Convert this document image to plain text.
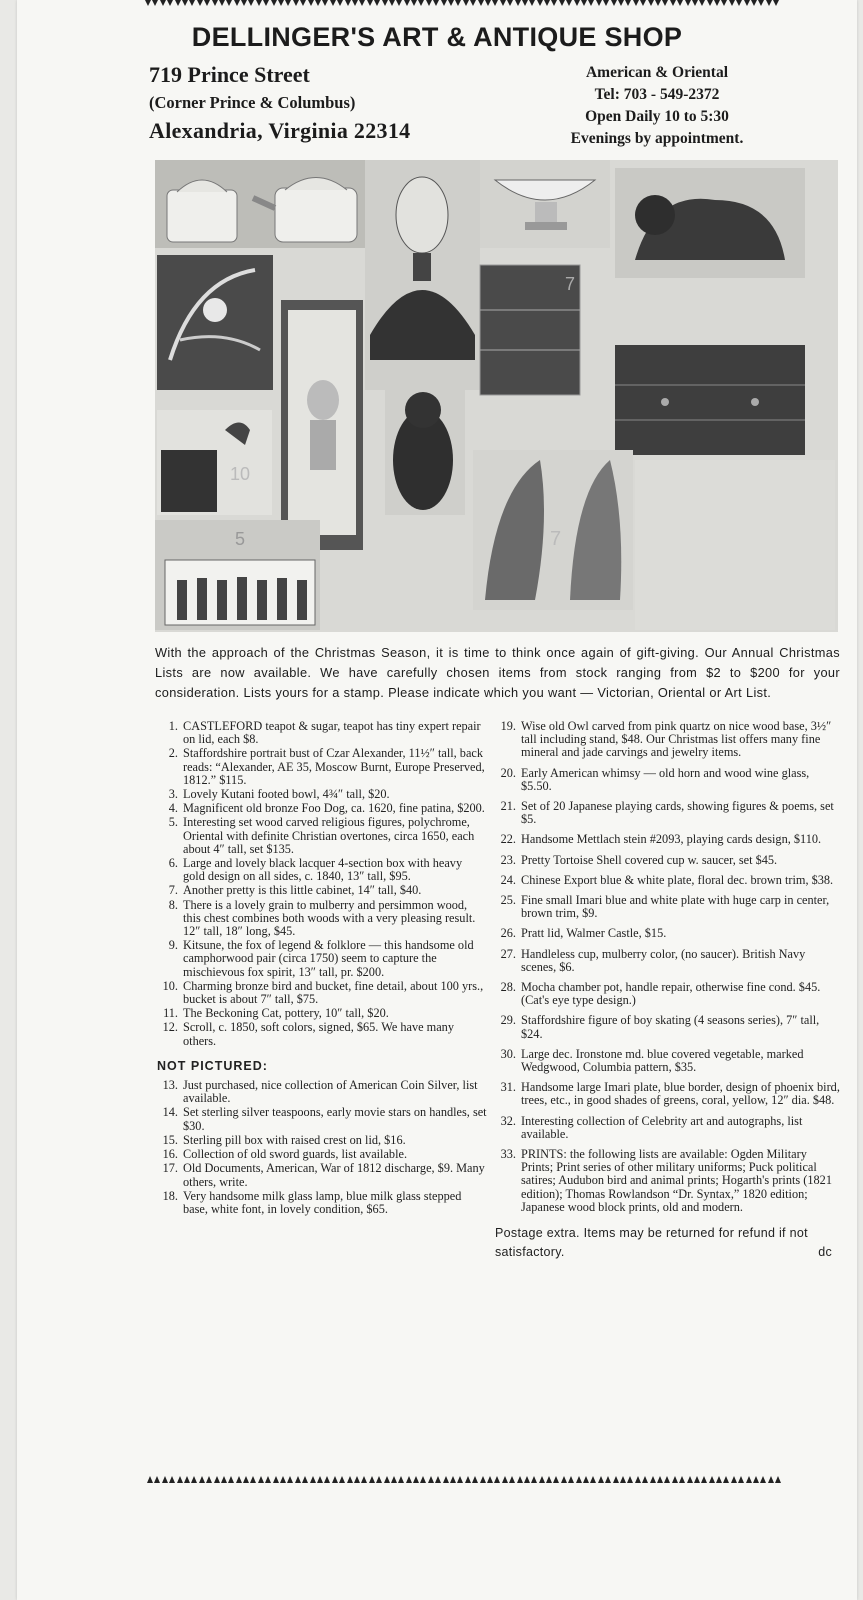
DELLINGER'S ART & ANTIQUE SHOP
719 Prince Street
(Corner Prince & Columbus)
Alexandria, Virginia 22314
American & Oriental
Tel: 703 - 549-2372
Open Daily 10 to 5:30
Evenings by appointment.
7
10
7
5
With the approach of the Christmas Season, it is time to think once again of gift-giving. Our Annual Christmas Lists are now available. We have carefully chosen items from stock ranging from $2 to $200 for your consideration. Lists yours for a stamp. Please indicate which you want — Victorian, Oriental or Art List.
1. CASTLEFORD teapot & sugar, teapot has tiny expert repair on lid, each $8.
2. Staffordshire portrait bust of Czar Alexander, 11½″ tall, back reads: “Alexander, AE 35, Moscow Burnt, Europe Preserved, 1812.” $115.
3. Lovely Kutani footed bowl, 4¾″ tall, $20.
4. Magnificent old bronze Foo Dog, ca. 1620, fine patina, $200.
5. Interesting set wood carved religious figures, polychrome, Oriental with definite Christian overtones, circa 1650, each about 4″ tall, set $135.
6. Large and lovely black lacquer 4-section box with heavy gold design on all sides, c. 1840, 13″ tall, $95.
7. Another pretty is this little cabinet, 14″ tall, $40.
8. There is a lovely grain to mulberry and persimmon wood, this chest combines both woods with a very pleasing result. 12″ tall, 18″ long, $45.
9. Kitsune, the fox of legend & folklore — this handsome old camphorwood pair (circa 1750) seem to capture the mischievous fox spirit, 13″ tall, pr. $200.
10. Charming bronze bird and bucket, fine detail, about 100 yrs., bucket is about 7″ tall, $75.
11. The Beckoning Cat, pottery, 10″ tall, $20.
12. Scroll, c. 1850, soft colors, signed, $65. We have many others.
NOT PICTURED:
13. Just purchased, nice collection of American Coin Silver, list available.
14. Set sterling silver teaspoons, early movie stars on handles, set $30.
15. Sterling pill box with raised crest on lid, $16.
16. Collection of old sword guards, list available.
17. Old Documents, American, War of 1812 discharge, $9. Many others, write.
18. Very handsome milk glass lamp, blue milk glass stepped base, white font, in lovely condition, $65.
19. Wise old Owl carved from pink quartz on nice wood base, 3½″ tall including stand, $48. Our Christmas list offers many fine mineral and jade carvings and jewelry items.
20. Early American whimsy — old horn and wood wine glass, $5.50.
21. Set of 20 Japanese playing cards, showing figures & poems, set $5.
22. Handsome Mettlach stein #2093, playing cards design, $110.
23. Pretty Tortoise Shell covered cup w. saucer, set $45.
24. Chinese Export blue & white plate, floral dec. brown trim, $38.
25. Fine small Imari blue and white plate with huge carp in center, brown trim, $9.
26. Pratt lid, Walmer Castle, $15.
27. Handleless cup, mulberry color, (no saucer). British Navy scenes, $6.
28. Mocha chamber pot, handle repair, otherwise fine cond. $45. (Cat's eye type design.)
29. Staffordshire figure of boy skating (4 seasons series), 7″ tall, $24.
30. Large dec. Ironstone md. blue covered vegetable, marked Wedgwood, Columbia pattern, $35.
31. Handsome large Imari plate, blue border, design of phoenix bird, trees, etc., in good shades of greens, coral, yellow, 12″ dia. $48.
32. Interesting collection of Celebrity art and autographs, list available.
33. PRINTS: the following lists are available: Ogden Military Prints; Print series of other military uniforms; Puck political satires; Audubon bird and animal prints; Hogarth's prints (1821 edition); Thomas Rowlandson “Dr. Syntax,” 1820 edition; Japanese wood block prints, old and modern.
Postage extra. Items may be returned for refund if not satisfactory.	dc
